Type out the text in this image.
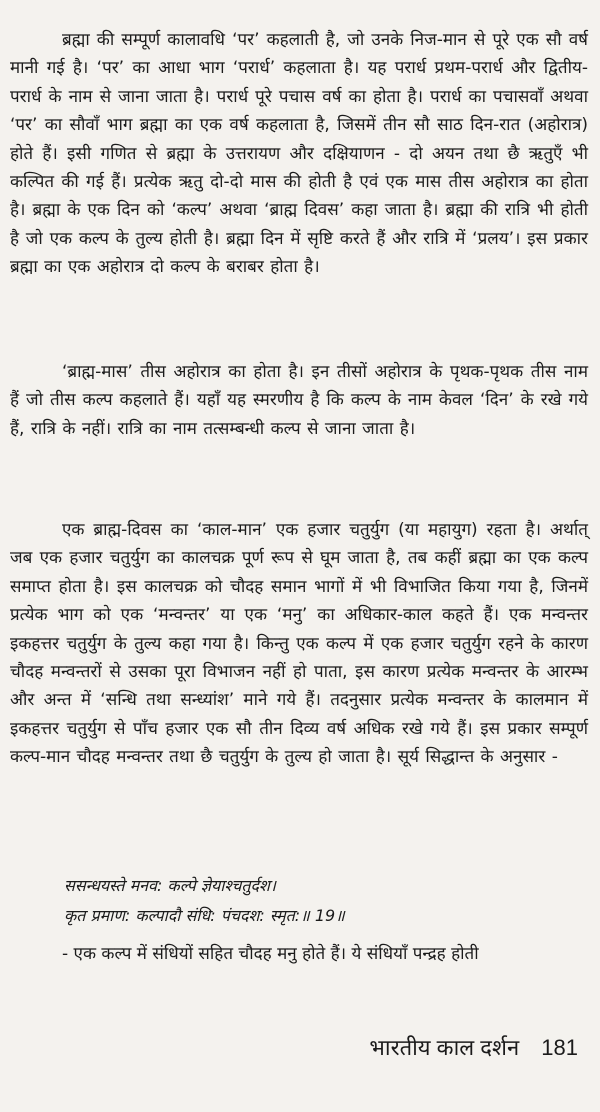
ब्रह्मा की सम्पूर्ण कालावधि ‘पर’ कहलाती है, जो उनके निज-मान से पूरे एक सौ वर्ष मानी गई है। ‘पर’ का आधा भाग ‘परार्ध’ कहलाता है। यह परार्ध प्रथम-परार्ध और द्वितीय-परार्ध के नाम से जाना जाता है। परार्ध पूरे पचास वर्ष का होता है। परार्ध का पचासवाँ अथवा ‘पर’ का सौवाँ भाग ब्रह्मा का एक वर्ष कहलाता है, जिसमें तीन सौ साठ दिन-रात (अहोरात्र) होते हैं। इसी गणित से ब्रह्मा के उत्तरायण और दक्षियाणन - दो अयन तथा छै ऋतुएँ भी कल्पित की गई हैं। प्रत्येक ऋतु दो-दो मास की होती है एवं एक मास तीस अहोरात्र का होता है। ब्रह्मा के एक दिन को ‘कल्प’ अथवा ‘ब्राह्म दिवस’ कहा जाता है। ब्रह्मा की रात्रि भी होती है जो एक कल्प के तुल्य होती है। ब्रह्मा दिन में सृष्टि करते हैं और रात्रि में ‘प्रलय’। इस प्रकार ब्रह्मा का एक अहोरात्र दो कल्प के बराबर होता है।

‘ब्राह्म-मास’ तीस अहोरात्र का होता है। इन तीसों अहोरात्र के पृथक-पृथक तीस नाम हैं जो तीस कल्प कहलाते हैं। यहाँ यह स्मरणीय है कि कल्प के नाम केवल ‘दिन’ के रखे गये हैं, रात्रि के नहीं। रात्रि का नाम तत्सम्बन्धी कल्प से जाना जाता है।

एक ब्राह्म-दिवस का ‘काल-मान’ एक हजार चतुर्युग (या महायुग) रहता है। अर्थात् जब एक हजार चतुर्युग का कालचक्र पूर्ण रूप से घूम जाता है, तब कहीं ब्रह्मा का एक कल्प समाप्त होता है। इस कालचक्र को चौदह समान भागों में भी विभाजित किया गया है, जिनमें प्रत्येक भाग को एक ‘मन्वन्तर’ या एक ‘मनु’ का अधिकार-काल कहते हैं। एक मन्वन्तर इकहत्तर चतुर्युग के तुल्य कहा गया है। किन्तु एक कल्प में एक हजार चतुर्युग रहने के कारण चौदह मन्वन्तरों से उसका पूरा विभाजन नहीं हो पाता, इस कारण प्रत्येक मन्वन्तर के आरम्भ और अन्त में ‘सन्धि तथा सन्ध्यांश’ माने गये हैं। तदनुसार प्रत्येक मन्वन्तर के कालमान में इकहत्तर चतुर्युग से पाँच हजार एक सौ तीन दिव्य वर्ष अधिक रखे गये हैं। इस प्रकार सम्पूर्ण कल्प-मान चौदह मन्वन्तर तथा छै चतुर्युग के तुल्य हो जाता है। सूर्य सिद्धान्त के अनुसार -

ससन्धयस्ते मनव: कल्पे ज्ञेयाश्चतुर्दश।

कृत प्रमाण: कल्पादौ संधि: पंचदश: स्मृत:॥ 19॥

- एक कल्प में संधियों सहित चौदह मनु होते हैं। ये संधियाँ पन्द्रह होती

भारतीय काल दर्शन 181
